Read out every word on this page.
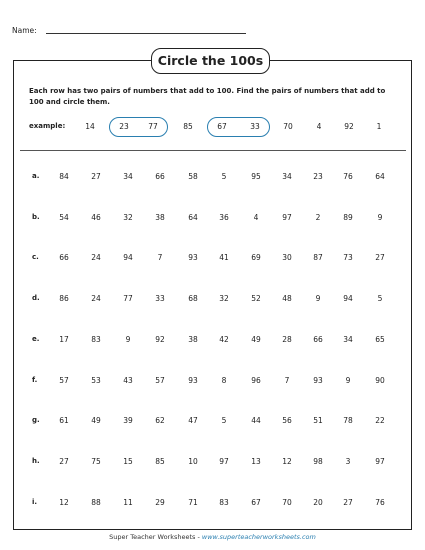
Name:
Circle the 100s
Each row has two pairs of numbers that add to 100. Find the pairs of numbers that add to 100 and circle them.
example:	14	23	77	85	67	33	70	4	92	1
a.	84	27	34	66	58	5	95	34	23	76	64
b.	54	46	32	38	64	36	4	97	2	89	9
c.	66	24	94	7	93	41	69	30	87	73	27
d.	86	24	77	33	68	32	52	48	9	94	5
e.	17	83	9	92	38	42	49	28	66	34	65
f.	57	53	43	57	93	8	96	7	93	9	90
g.	61	49	39	62	47	5	44	56	51	78	22
h.	27	75	15	85	10	97	13	12	98	3	97
i.	12	88	11	29	71	83	67	70	20	27	76
Super Teacher Worksheets - www.superteacherworksheets.com
